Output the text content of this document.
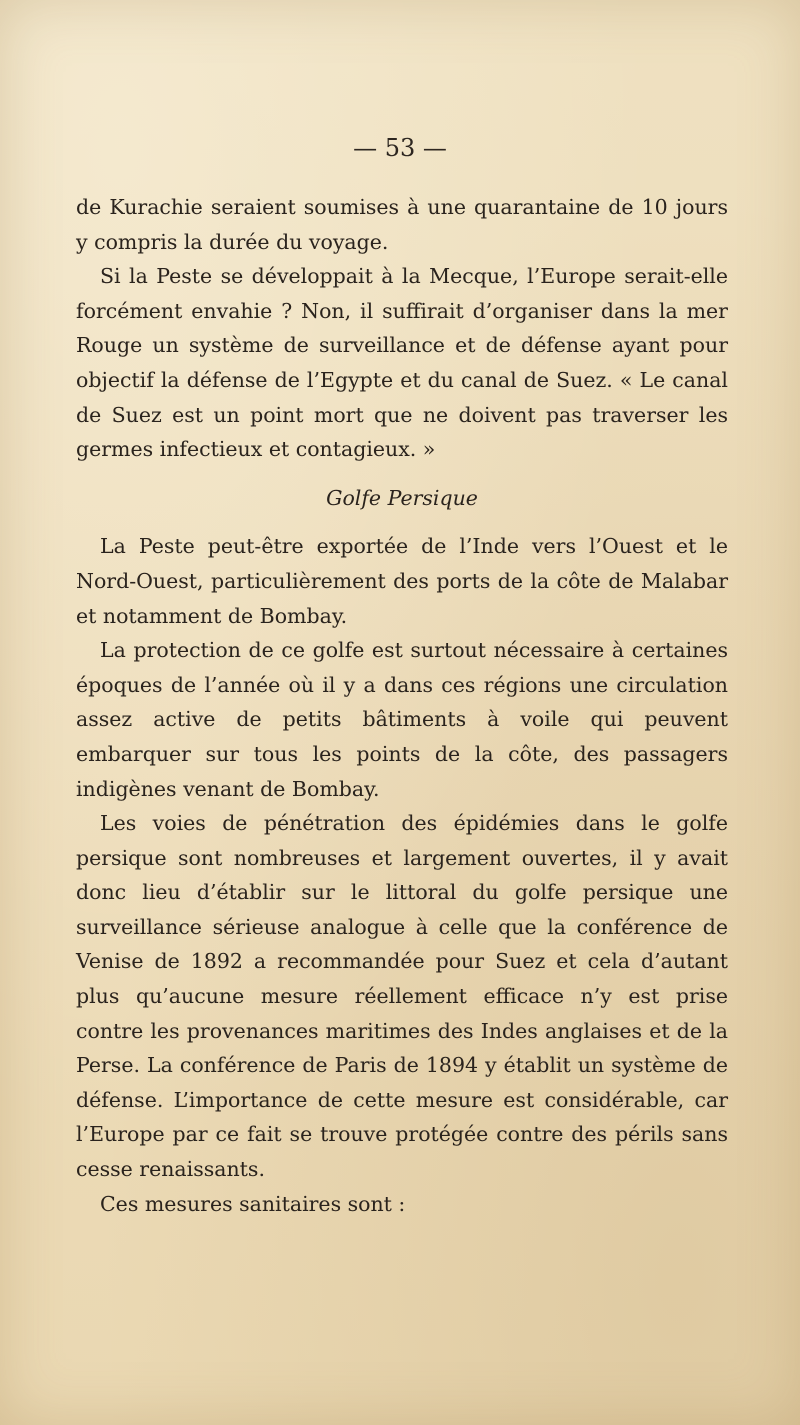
— 53 —

de Kurachie seraient soumises à une quarantaine de 10 jours y compris la durée du voyage.

Si la Peste se développait à la Mecque, l’Europe serait-elle forcément envahie ? Non, il suffirait d’organiser dans la mer Rouge un système de surveillance et de défense ayant pour objectif la défense de l’Egypte et du canal de Suez. « Le canal de Suez est un point mort que ne doivent pas traverser les germes infectieux et contagieux. »

Golfe Persique

La Peste peut-être exportée de l’Inde vers l’Ouest et le Nord-Ouest, particulièrement des ports de la côte de Malabar et notamment de Bombay.

La protection de ce golfe est surtout nécessaire à certaines époques de l’année où il y a dans ces régions une circulation assez active de petits bâtiments à voile qui peuvent embarquer sur tous les points de la côte, des passagers indigènes venant de Bombay.

Les voies de pénétration des épidémies dans le golfe persique sont nombreuses et largement ouvertes, il y avait donc lieu d’établir sur le littoral du golfe persique une surveillance sérieuse analogue à celle que la conférence de Venise de 1892 a recommandée pour Suez et cela d’autant plus qu’aucune mesure réellement efficace n’y est prise contre les provenances maritimes des Indes anglaises et de la Perse. La conférence de Paris de 1894 y établit un système de défense. L’importance de cette mesure est considérable, car l’Europe par ce fait se trouve protégée contre des périls sans cesse renaissants.

Ces mesures sanitaires sont :
